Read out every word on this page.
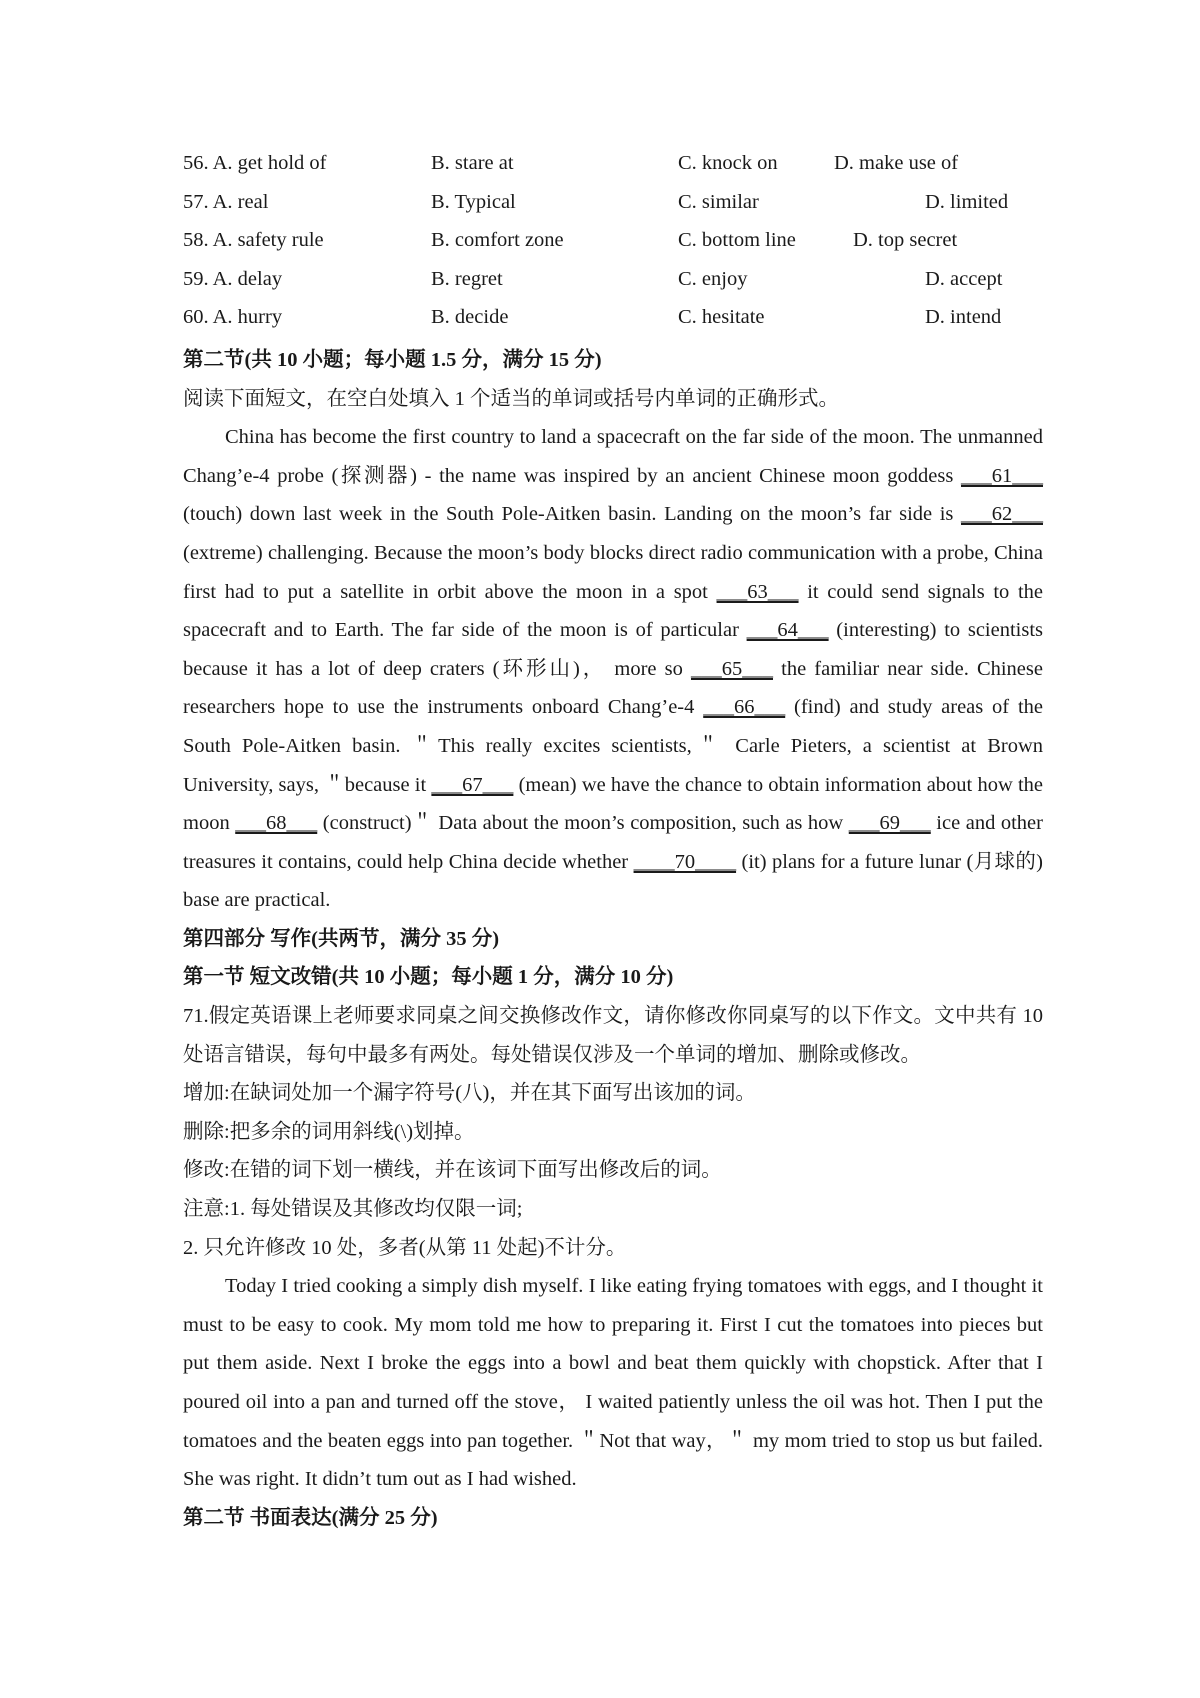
56. A. get hold of	B. stare at	C. knock on	D. make use of
57. A. real	B. Typical	C. similar	D. limited
58. A. safety rule	B. comfort zone	C. bottom line	D. top secret
59. A. delay	B. regret	C. enjoy	D. accept
60. A. hurry	B. decide	C. hesitate	D. intend
第二节(共 10 小题；每小题 1.5 分，满分 15 分)
阅读下面短文，在空白处填入 1 个适当的单词或括号内单词的正确形式。

China has become the first country to land a spacecraft on the far side of the moon. The unmanned Chang’e-4 probe (探测器) - the name was inspired by an ancient Chinese moon goddess ___61___ (touch) down last week in the South Pole-Aitken basin. Landing on the moon’s far side is ___62___ (extreme) challenging. Because the moon’s body blocks direct radio communication with a probe, China first had to put a satellite in orbit above the moon in a spot ___63___ it could send signals to the spacecraft and to Earth. The far side of the moon is of particular ___64___ (interesting) to scientists because it has a lot of deep craters (环形山)， more so ___65___ the familiar near side. Chinese researchers hope to use the instruments onboard Chang’e-4 ___66___ (find) and study areas of the South Pole-Aitken basin. ＂This really excites scientists,＂ Carle Pieters, a scientist at Brown University, says, ＂because it ___67___ (mean) we have the chance to obtain information about how the moon ___68___ (construct)＂ Data about the moon’s composition, such as how ___69___ ice and other treasures it contains, could help China decide whether ____70____ (it) plans for a future lunar (月球的) base are practical.

第四部分 写作(共两节，满分 35 分)
第一节 短文改错(共 10 小题；每小题 1 分，满分 10 分)

71.假定英语课上老师要求同桌之间交换修改作文，请你修改你同桌写的以下作文。文中共有 10 处语言错误，每句中最多有两处。每处错误仅涉及一个单词的增加、删除或修改。

增加:在缺词处加一个漏字符号(八)，并在其下面写出该加的词。
删除:把多余的词用斜线(\)划掉。
修改:在错的词下划一横线，并在该词下面写出修改后的词。
注意:1. 每处错误及其修改均仅限一词;
2. 只允许修改 10 处，多者(从第 11 处起)不计分。

Today I tried cooking a simply dish myself. I like eating frying tomatoes with eggs, and I thought it must to be easy to cook. My mom told me how to preparing it. First I cut the tomatoes into pieces but put them aside. Next I broke the eggs into a bowl and beat them quickly with chopstick. After that I poured oil into a pan and turned off the stove， I waited patiently unless the oil was hot. Then I put the tomatoes and the beaten eggs into pan together. ＂Not that way，＂ my mom tried to stop us but failed. She was right. It didn’t tum out as I had wished.

第二节 书面表达(满分 25 分)
